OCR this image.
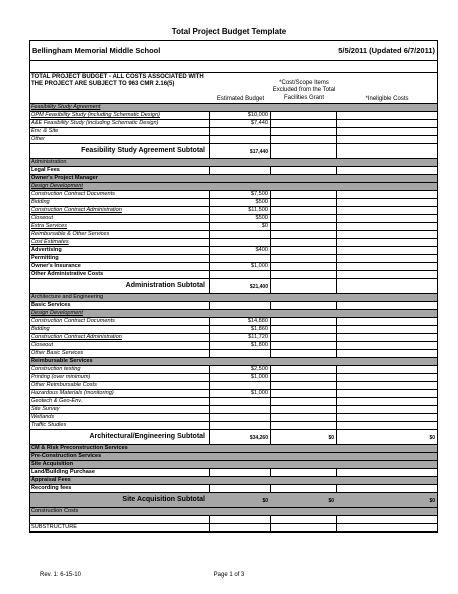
Total Project Budget Template
Bellingham Memorial Middle School	5/5/2011 (Updated 6/7/2011)
TOTAL PROJECT BUDGET - ALL COSTS ASSOCIATED WITH THE PROJECT ARE SUBJECT TO 963 CMR 2.16(5)
Estimated Budget
*Cost/Scope Items Excluded from the Total Facilities Grant	*Ineligible Costs
Feasibility Study Agreement
OPM Feasibility Study (including Schematic Design)	$10,000
A&E Feasibility Study (including Schematic Design)	$7,440
Env. & Site
Other
Feasibility Study Agreement Subtotal	$17,440
Administration
Legal Fees
Owner's Project Manager
Design Development
Construction Contract Documents	$7,500
Bidding	$500
Construction Contract Administration	$11,500
Closeout	$500
Extra Services	$0
Reimbursable & Other Services
Cost Estimates
Advertising	$400
Permitting
Owner's Insurance	$1,000
Other Administrative Costs
Administration Subtotal	$21,400
Architecture and Engineering
Basic Services
Design Development
Construction Contract Documents	$14,880
Bidding	$1,860
Construction Contract Administration	$11,720
Closeout	$1,800
Other Basic Services
Reimbursable Services
Construction testing	$2,500
Printing (over minimum)	$1,000
Other Reimbursable Costs
Hazardous Materials (monitoring)	$1,000
Geotech & Geo-Env.
Site Survey
Wetlands
Traffic Studies
Architectural/Engineering Subtotal	$34,260	$0	$0
CM & Risk Preconstruction Services
Pre-Construction Services
Site Acquisition
Land/Building Purchase
Appraisal Fees
Recording fees
Site Acquisition Subtotal	$0	$0	$0
Construction Costs
SUBSTRUCTURE
Rev. 1: 6-15-10	Page 1 of 3
